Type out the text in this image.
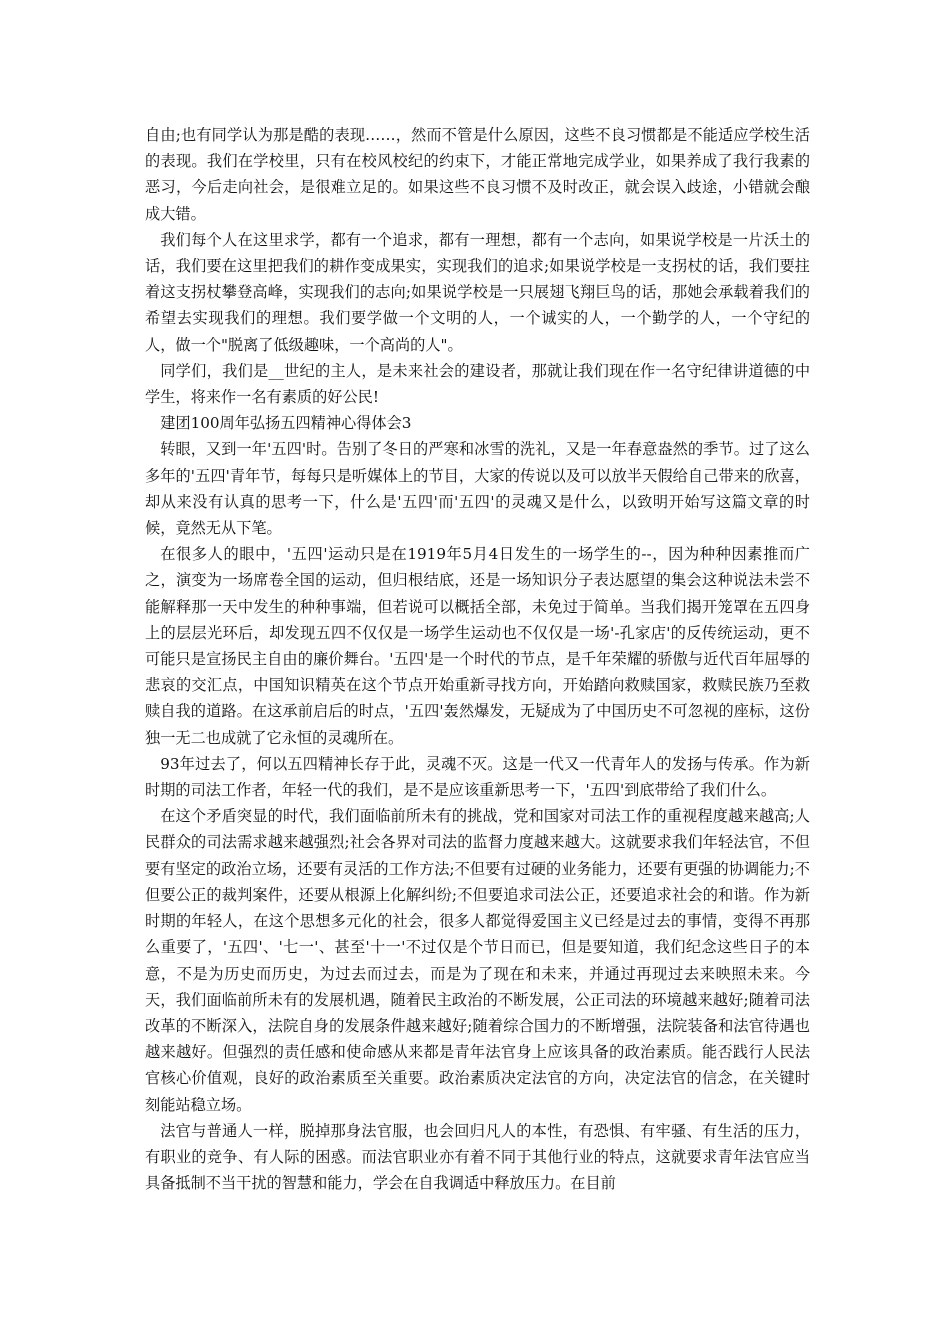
自由;也有同学认为那是酷的表现……，然而不管是什么原因，这些不良习惯都是不能适应学校生活的表现。我们在学校里，只有在校风校纪的约束下，才能正常地完成学业，如果养成了我行我素的恶习，今后走向社会，是很难立足的。如果这些不良习惯不及时改正，就会误入歧途，小错就会酿成大错。

我们每个人在这里求学，都有一个追求，都有一理想，都有一个志向，如果说学校是一片沃土的话，我们要在这里把我们的耕作变成果实，实现我们的追求;如果说学校是一支拐杖的话，我们要拄着这支拐杖攀登高峰，实现我们的志向;如果说学校是一只展翅飞翔巨鸟的话，那她会承载着我们的希望去实现我们的理想。我们要学做一个文明的人，一个诚实的人，一个勤学的人，一个守纪的人，做一个"脱离了低级趣味，一个高尚的人"。

同学们，我们是__世纪的主人，是未来社会的建设者，那就让我们现在作一名守纪律讲道德的中学生，将来作一名有素质的好公民!

建团100周年弘扬五四精神心得体会3

转眼，又到一年'五四'时。告别了冬日的严寒和冰雪的洗礼，又是一年春意盎然的季节。过了这么多年的'五四'青年节，每每只是听媒体上的节目，大家的传说以及可以放半天假给自己带来的欣喜，却从来没有认真的思考一下，什么是'五四'而'五四'的灵魂又是什么，以致明开始写这篇文章的时候，竟然无从下笔。

在很多人的眼中，'五四'运动只是在1919年5月4日发生的一场学生的--，因为种种因素推而广之，演变为一场席卷全国的运动，但归根结底，还是一场知识分子表达愿望的集会这种说法未尝不能解释那一天中发生的种种事端，但若说可以概括全部，未免过于简单。当我们揭开笼罩在五四身上的层层光环后，却发现五四不仅仅是一场学生运动也不仅仅是一场'-孔家店'的反传统运动，更不可能只是宣扬民主自由的廉价舞台。'五四'是一个时代的节点，是千年荣耀的骄傲与近代百年屈辱的悲哀的交汇点，中国知识精英在这个节点开始重新寻找方向，开始踏向救赎国家，救赎民族乃至救赎自我的道路。在这承前启后的时点，'五四'轰然爆发，无疑成为了中国历史不可忽视的座标，这份独一无二也成就了它永恒的灵魂所在。

93年过去了，何以五四精神长存于此，灵魂不灭。这是一代又一代青年人的发扬与传承。作为新时期的司法工作者，年轻一代的我们，是不是应该重新思考一下，'五四'到底带给了我们什么。

在这个矛盾突显的时代，我们面临前所未有的挑战，党和国家对司法工作的重视程度越来越高;人民群众的司法需求越来越强烈;社会各界对司法的监督力度越来越大。这就要求我们年轻法官，不但要有坚定的政治立场，还要有灵活的工作方法;不但要有过硬的业务能力，还要有更强的协调能力;不但要公正的裁判案件，还要从根源上化解纠纷;不但要追求司法公正，还要追求社会的和谐。作为新时期的年轻人，在这个思想多元化的社会，很多人都觉得爱国主义已经是过去的事情，变得不再那么重要了，'五四'、'七一'、甚至'十一'不过仅是个节日而已，但是要知道，我们纪念这些日子的本意，不是为历史而历史，为过去而过去，而是为了现在和未来，并通过再现过去来映照未来。今天，我们面临前所未有的发展机遇，随着民主政治的不断发展，公正司法的环境越来越好;随着司法改革的不断深入，法院自身的发展条件越来越好;随着综合国力的不断增强，法院装备和法官待遇也越来越好。但强烈的责任感和使命感从来都是青年法官身上应该具备的政治素质。能否践行人民法官核心价值观，良好的政治素质至关重要。政治素质决定法官的方向，决定法官的信念，在关键时刻能站稳立场。

法官与普通人一样，脱掉那身法官服，也会回归凡人的本性，有恐惧、有牢骚、有生活的压力，有职业的竞争、有人际的困惑。而法官职业亦有着不同于其他行业的特点，这就要求青年法官应当具备抵制不当干扰的智慧和能力，学会在自我调适中释放压力。在目前
